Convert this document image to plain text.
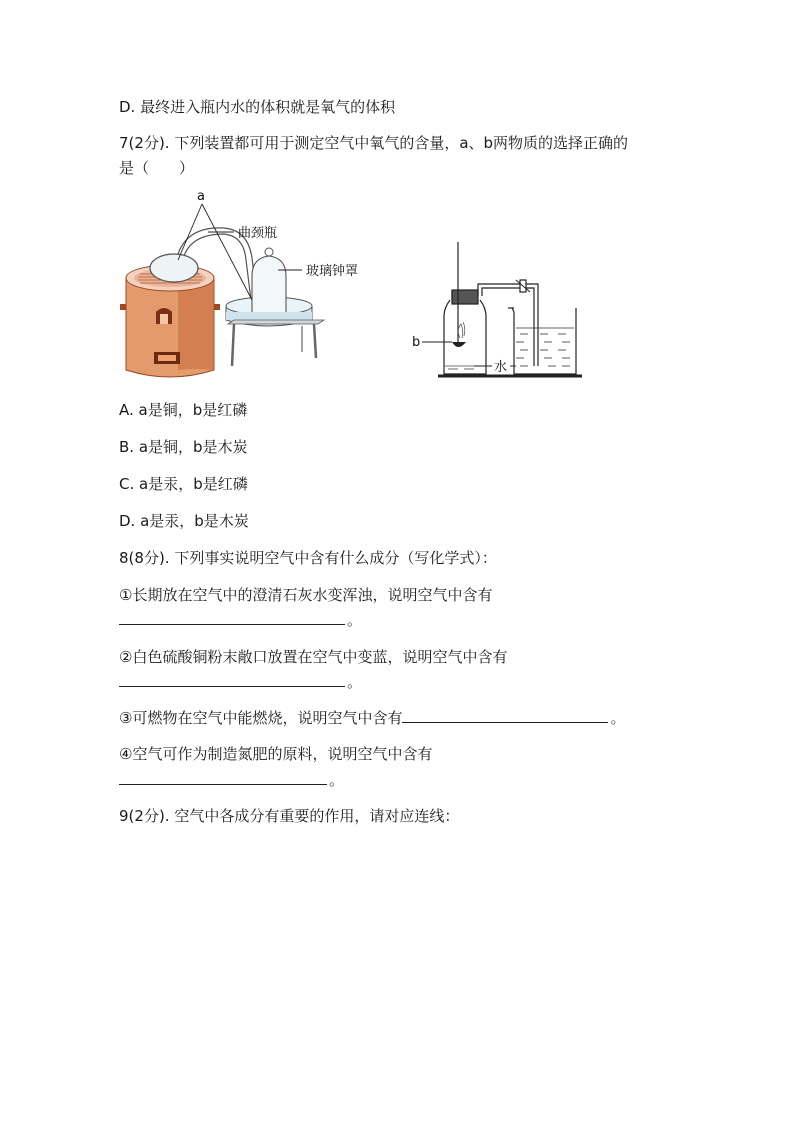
D. 最终进入瓶内水的体积就是氧气的体积
7(2分). 下列装置都可用于测定空气中氧气的含量，a、b两物质的选择正确的
是（　　）
a
曲颈瓶
玻璃钟罩
b
水
A. a是铜，b是红磷
B. a是铜，b是木炭
C. a是汞，b是红磷
D. a是汞，b是木炭
8(8分). 下列事实说明空气中含有什么成分（写化学式）：
①长期放在空气中的澄清石灰水变浑浊，说明空气中含有
。
②白色硫酸铜粉末敞口放置在空气中变蓝，说明空气中含有
。
③可燃物在空气中能燃烧，说明空气中含有	。
④空气可作为制造氮肥的原料，说明空气中含有
。
9(2分). 空气中各成分有重要的作用，请对应连线：
